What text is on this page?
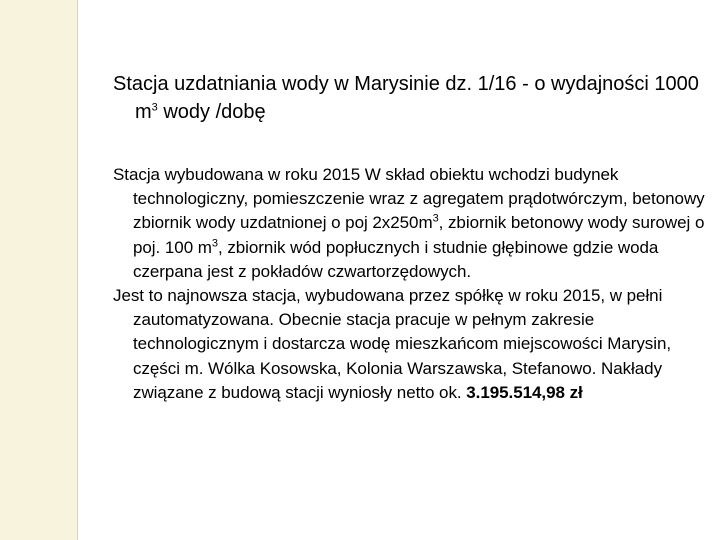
Stacja uzdatniania wody w Marysinie dz. 1/16 - o wydajności 1000 $m^3$ wody /dobę

Stacja wybudowana w roku 2015 W skład obiektu wchodzi budynek technologiczny, pomieszczenie wraz z agregatem prądotwórczym, betonowy zbiornik wody uzdatnionej o poj $2x250m^3$, zbiornik betonowy wody surowej o poj. 100 $m^3$, zbiornik wód popłucznych i studnie głębinowe gdzie woda czerpana jest z pokładów czwartorzędowych.

Jest to najnowsza stacja, wybudowana przez spółkę w roku 2015, w pełni zautomatyzowana. Obecnie stacja pracuje w pełnym zakresie technologicznym i dostarcza wodę mieszkańcom miejscowości Marysin, części m. Wólka Kosowska, Kolonia Warszawska, Stefanowo. Nakłady związane z budową stacji wyniosły netto ok. 3.195.514,98 zł
